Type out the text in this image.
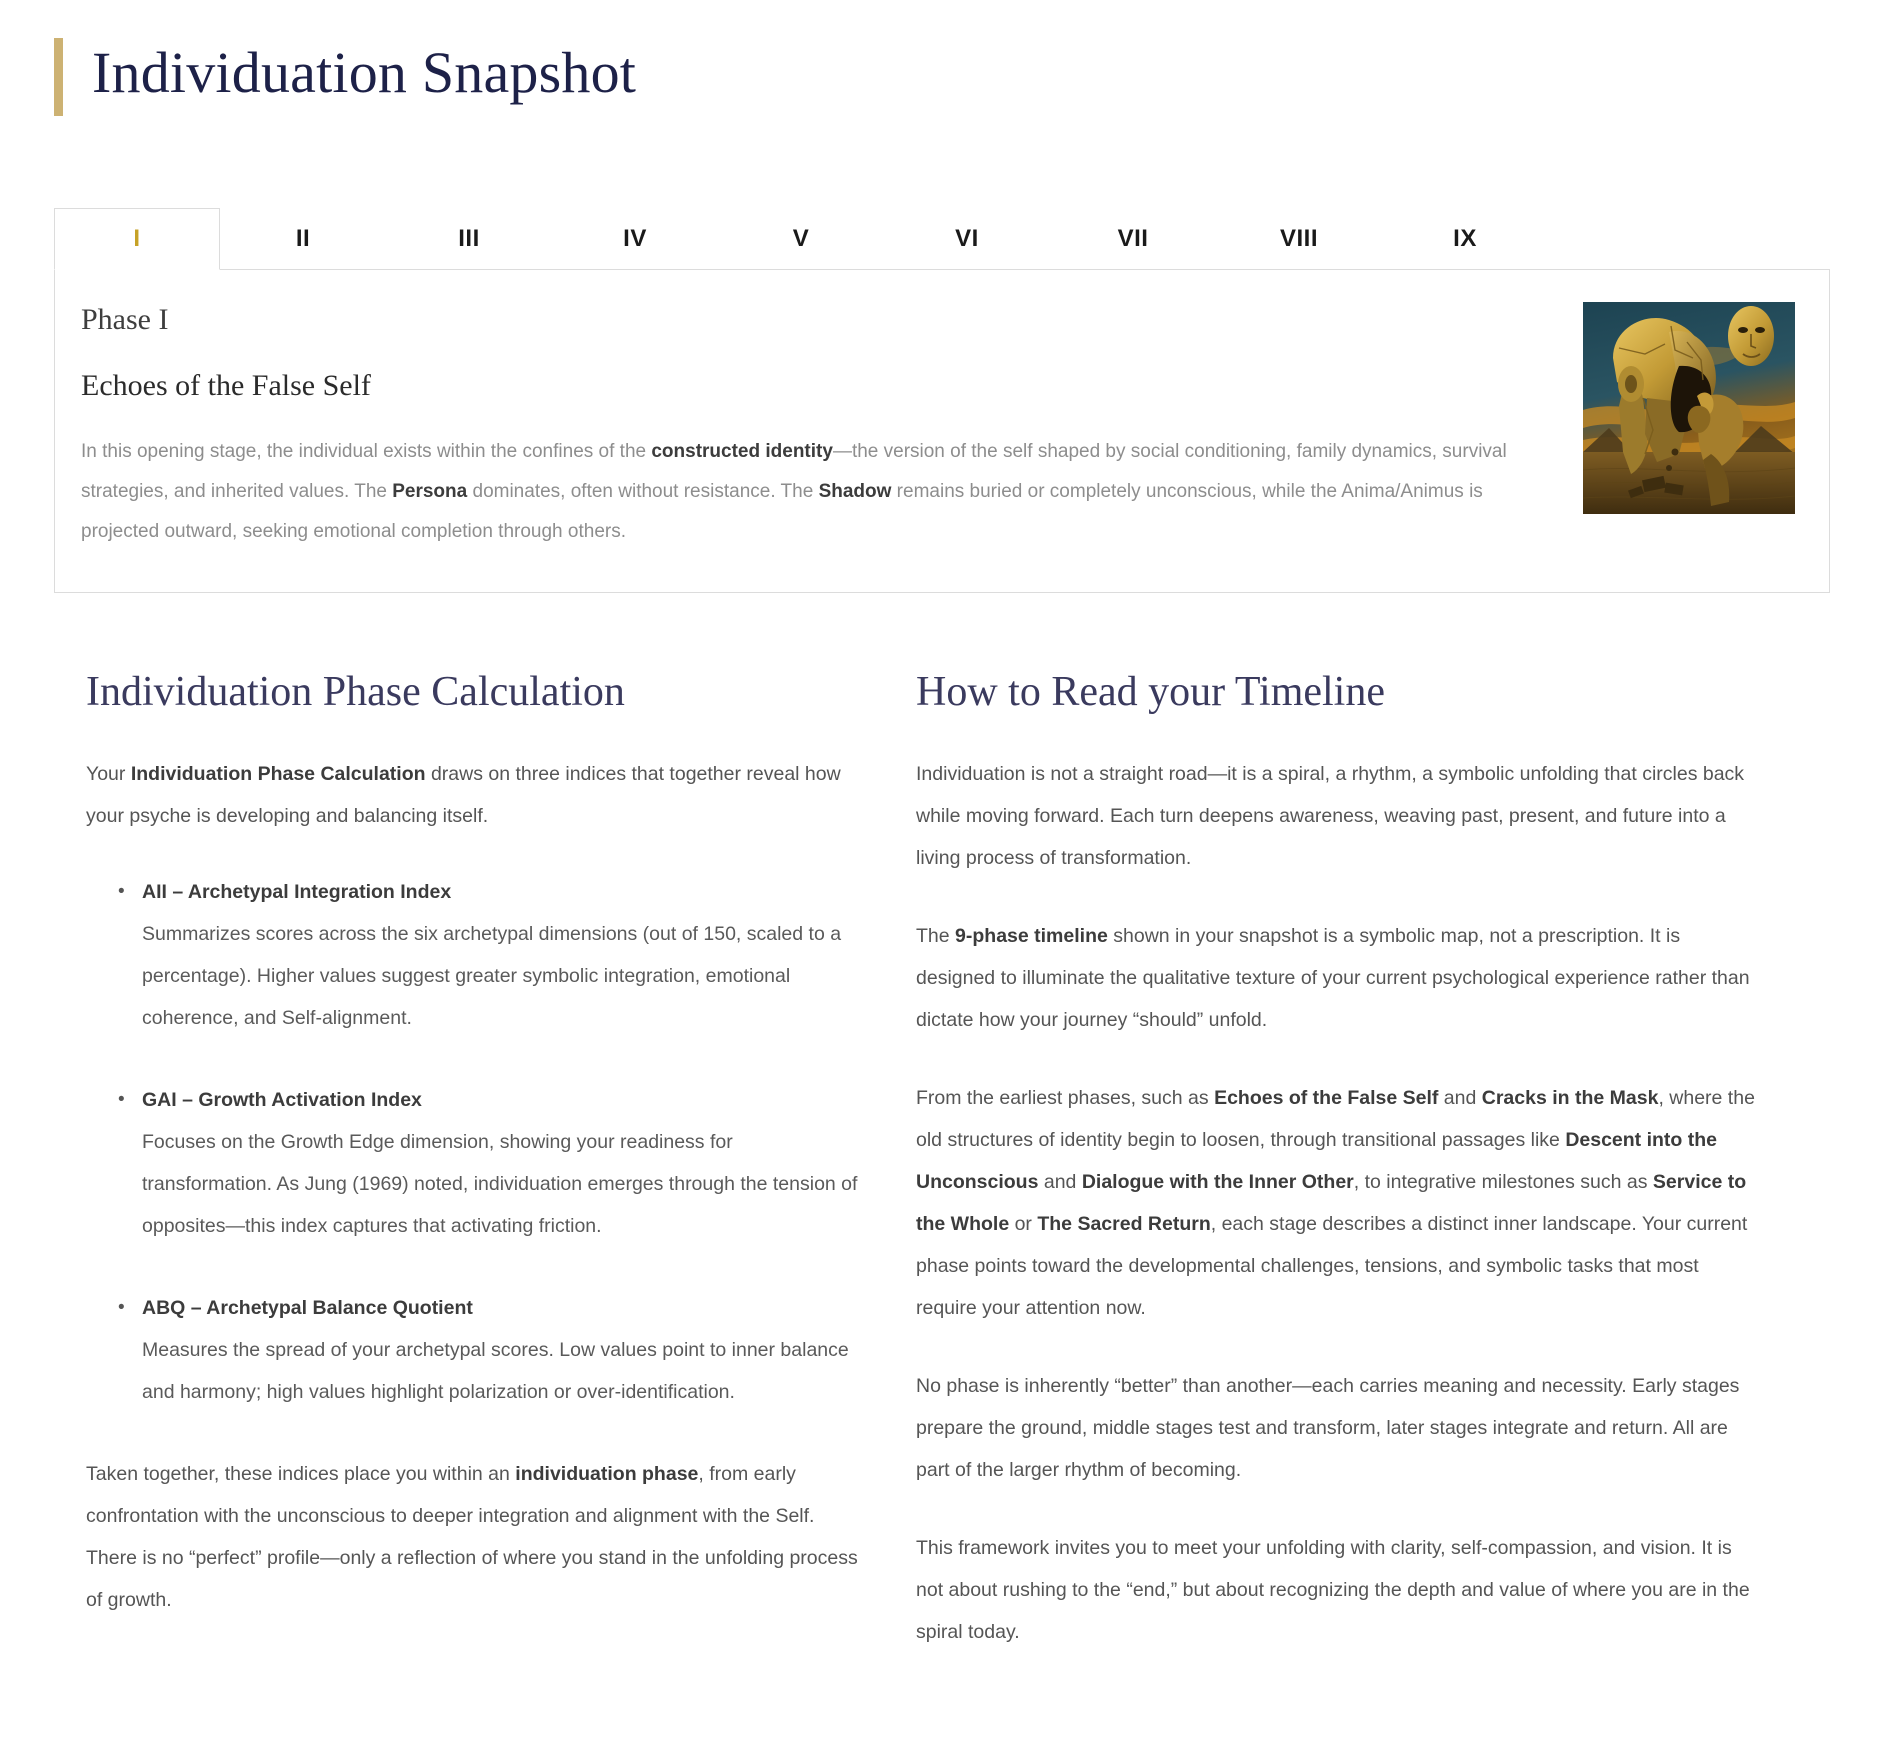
Individuation Snapshot
I	II	III	IV	V	VI	VII	VIII	IX
Phase I
Echoes of the False Self

In this opening stage, the individual exists within the confines of the constructed identity—the version of the self shaped by social conditioning, family dynamics, survival strategies, and inherited values. The Persona dominates, often without resistance. The Shadow remains buried or completely unconscious, while the Anima/Animus is projected outward, seeking emotional completion through others.

Individuation Phase Calculation

Your Individuation Phase Calculation draws on three indices that together reveal how your psyche is developing and balancing itself.

• AII – Archetypal Integration Index
Summarizes scores across the six archetypal dimensions (out of 150, scaled to a percentage). Higher values suggest greater symbolic integration, emotional coherence, and Self-alignment.
• GAI – Growth Activation Index
Focuses on the Growth Edge dimension, showing your readiness for transformation. As Jung (1969) noted, individuation emerges through the tension of opposites—this index captures that activating friction.
• ABQ – Archetypal Balance Quotient
Measures the spread of your archetypal scores. Low values point to inner balance and harmony; high values highlight polarization or over-identification.

Taken together, these indices place you within an individuation phase, from early confrontation with the unconscious to deeper integration and alignment with the Self. There is no “perfect” profile—only a reflection of where you stand in the unfolding process of growth.

How to Read your Timeline

Individuation is not a straight road—it is a spiral, a rhythm, a symbolic unfolding that circles back while moving forward. Each turn deepens awareness, weaving past, present, and future into a living process of transformation.

The 9-phase timeline shown in your snapshot is a symbolic map, not a prescription. It is designed to illuminate the qualitative texture of your current psychological experience rather than dictate how your journey “should” unfold.

From the earliest phases, such as Echoes of the False Self and Cracks in the Mask, where the old structures of identity begin to loosen, through transitional passages like Descent into the Unconscious and Dialogue with the Inner Other, to integrative milestones such as Service to the Whole or The Sacred Return, each stage describes a distinct inner landscape. Your current phase points toward the developmental challenges, tensions, and symbolic tasks that most require your attention now.

No phase is inherently “better” than another—each carries meaning and necessity. Early stages prepare the ground, middle stages test and transform, later stages integrate and return. All are part of the larger rhythm of becoming.

This framework invites you to meet your unfolding with clarity, self-compassion, and vision. It is not about rushing to the “end,” but about recognizing the depth and value of where you are in the spiral today.
